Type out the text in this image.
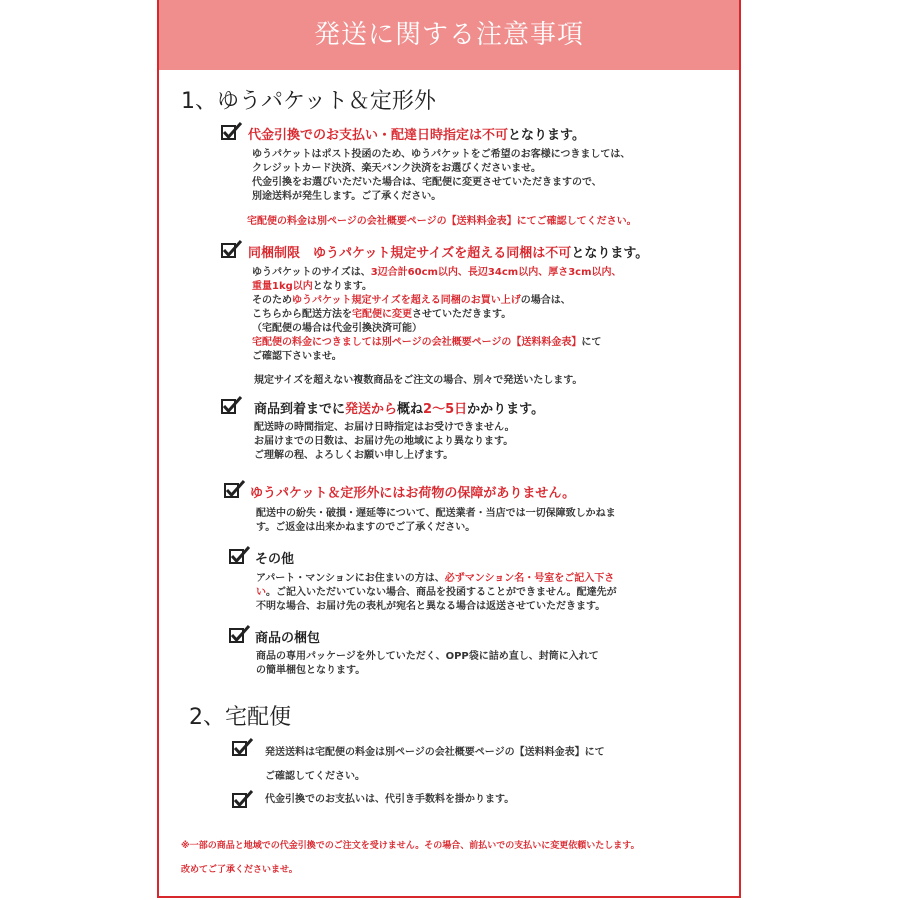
発送に関する注意事項
1、ゆうパケット＆定形外
代金引換でのお支払い・配達日時指定は不可となります。

ゆうパケットはポスト投函のため、ゆうパケットをご希望のお客様につきましては、

クレジットカード決済、楽天バンク決済をお選びくださいませ。

代金引換をお選びいただいた場合は、宅配便に変更させていただきますので、

別途送料が発生します。ご了承ください。

宅配便の料金は別ページの会社概要ページの【送料料金表】にてご確認してください。
同梱制限　ゆうパケット規定サイズを超える同梱は不可となります。

ゆうパケットのサイズは、3辺合計60cm以内、長辺34cm以内、厚さ3cm以内、

重量1kg以内となります。

そのためゆうパケット規定サイズを超える同梱のお買い上げの場合は、

こちらから配送方法を宅配便に変更させていただきます。

（宅配便の場合は代金引換決済可能）

宅配便の料金につきましては別ページの会社概要ページの【送料料金表】にて

ご確認下さいませ。

規定サイズを超えない複数商品をご注文の場合、別々で発送いたします。
商品到着までに発送から概ね2〜5日かかります。

配送時の時間指定、お届け日時指定はお受けできません。

お届けまでの日数は、お届け先の地域により異なります。

ご理解の程、よろしくお願い申し上げます。

ゆうパケット＆定形外にはお荷物の保障がありません。

配送中の紛失・破損・遅延等について、配送業者・当店では一切保障致しかねま

す。ご返金は出来かねますのでご了承ください。

その他

アパート・マンションにお住まいの方は、必ずマンション名・号室をご記入下さ

い。ご記入いただいていない場合、商品を投函することができません。配達先が

不明な場合、お届け先の表札が宛名と異なる場合は返送させていただきます。

商品の梱包

商品の専用パッケージを外していただく、OPP袋に詰め直し、封筒に入れて

の簡単梱包となります。

2、宅配便

発送送料は宅配便の料金は別ページの会社概要ページの【送料料金表】にて

ご確認してください。

代金引換でのお支払いは、代引き手数料を掛かります。
※一部の商品と地域での代金引換でのご注文を受けません。その場合、前払いでの支払いに変更依頼いたします。
改めてご了承くださいませ。
